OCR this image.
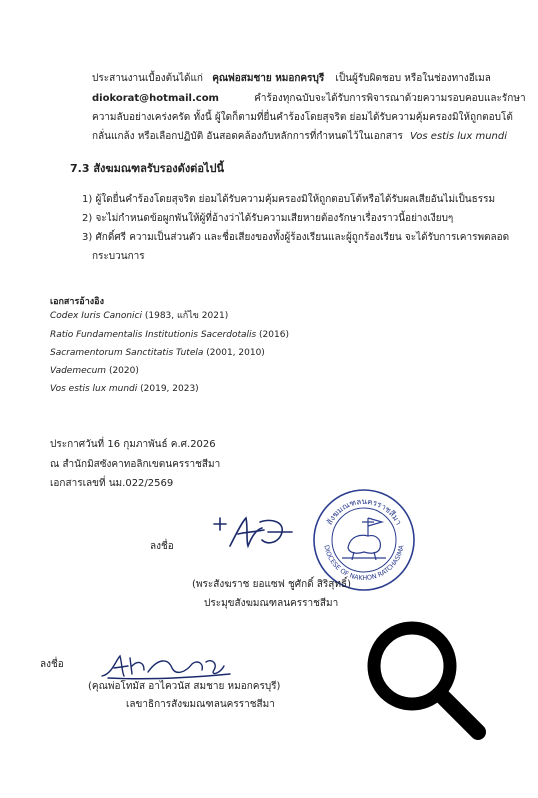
ประสานงานเบื้องต้นได้แก่ คุณพ่อสมชาย หมอกครบุรี เป็นผู้รับผิดชอบ หรือในช่องทางอีเมล
diokorat@hotmail.com	คำร้องทุกฉบับจะได้รับการพิจารณาด้วยความรอบคอบและรักษา
ความลับอย่างเคร่งครัด ทั้งนี้ ผู้ใดก็ตามที่ยื่นคำร้องโดยสุจริต ย่อมได้รับความคุ้มครองมิให้ถูกตอบโต้
กลั่นแกล้ง หรือเลือกปฏิบัติ อันสอดคล้องกับหลักการที่กำหนดไว้ในเอกสาร Vos estis lux mundi
7.3 สังฆมณฑลรับรองดังต่อไปนี้
1) ผู้ใดยื่นคำร้องโดยสุจริต ย่อมได้รับความคุ้มครองมิให้ถูกตอบโต้หรือได้รับผลเสียอันไม่เป็นธรรม
2) จะไม่กำหนดข้อผูกพันให้ผู้ที่อ้างว่าได้รับความเสียหายต้องรักษาเรื่องราวนี้อย่างเงียบๆ
3) ศักดิ์ศรี ความเป็นส่วนตัว และชื่อเสียงของทั้งผู้ร้องเรียนและผู้ถูกร้องเรียน จะได้รับการเคารพตลอด
กระบวนการ
เอกสารอ้างอิง
Codex Iuris Canonici (1983, แก้ไข 2021)
Ratio Fundamentalis Institutionis Sacerdotalis (2016)
Sacramentorum Sanctitatis Tutela (2001, 2010)
Vademecum (2020)
Vos estis lux mundi (2019, 2023)
ประกาศวันที่ 16 กุมภาพันธ์ ค.ศ.2026
ณ สำนักมิสซังคาทอลิกเขตนครราชสีมา
เอกสารเลขที่ นม.022/2569
ลงชื่อ
สังฆมณฑลนครราชสีมา
DIOCESE OF NAKHON RATCHASIMA
(พระสังฆราช ยอแซฟ ชูศักดิ์ สิริสุทธิ์)
ประมุขสังฆมณฑลนครราชสีมา
ลงชื่อ
(คุณพ่อโทมัส อาไควนัส สมชาย หมอกครบุรี)
เลขาธิการสังฆมณฑลนครราชสีมา
